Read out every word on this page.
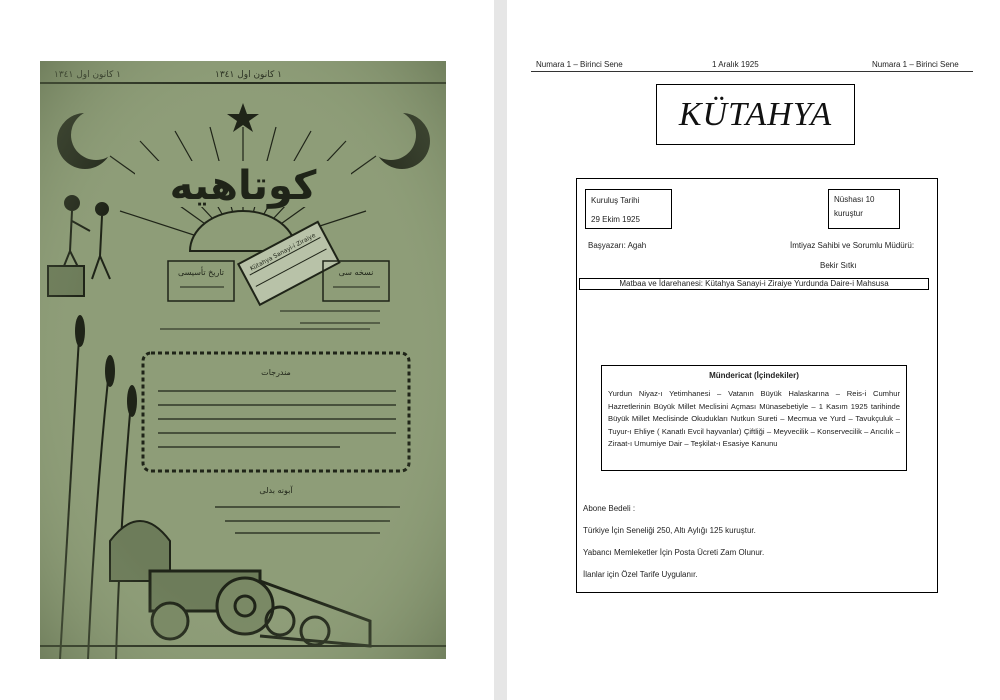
Numara 1 – Birinci Sene	1 Aralık 1925	Numara 1 – Birinci Sene
KÜTAHYA
Kuruluş Tarihi
29 Ekim 1925
Nüshası 10
kuruştur
Başyazarı: Agah	İmtiyaz Sahibi ve Sorumlu Müdürü:
Bekir Sıtkı
Matbaa ve İdarehanesi: Kütahya Sanayi-i Ziraiye Yurdunda Daire-i Mahsusa
Mündericat (İçindekiler)
Yurdun Niyaz-ı Yetimhanesi – Vatanın Büyük Halaskarına – Reis-i Cumhur Hazretlerinin Büyük Millet Meclisini Açması Münasebetiyle – 1 Kasım 1925 tarihinde Büyük Millet Meclisinde Okudukları Nutkun Sureti – Mecmua ve Yurd – Tavukçuluk – Tuyur-ı Ehliye ( Kanatlı Evcil hayvanlar) Çiftliği – Meyvecilik – Konservecilik – Arıcılık – Ziraat-ı Umumiye Dair – Teşkilat-ı Esasiye Kanunu
Abone Bedeli :
Türkiye İçin Seneliği 250, Altı Aylığı 125 kuruştur.
Yabancı Memleketler İçin Posta Ücreti Zam Olunur.
İlanlar için Özel Tarife Uygulanır.
